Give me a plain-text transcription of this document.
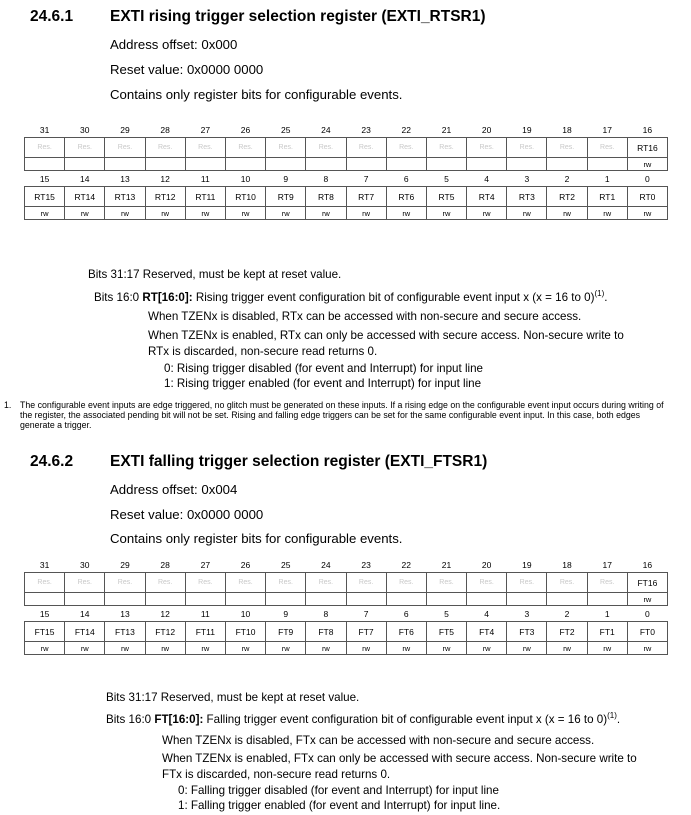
24.6.1 EXTI rising trigger selection register (EXTI_RTSR1)
Address offset: 0x000
Reset value: 0x0000 0000
Contains only register bits for configurable events.
31	30	29	28	27	26	25	24	23	22	21	20	19	18	17	16
Res.	Res.	Res.	Res.	Res.	Res.	Res.	Res.	Res.	Res.	Res.	Res.	Res.	Res.	Res.	RT16
															rw
15	14	13	12	11	10	9	8	7	6	5	4	3	2	1	0
RT15	RT14	RT13	RT12	RT11	RT10	RT9	RT8	RT7	RT6	RT5	RT4	RT3	RT2	RT1	RT0
rw	rw	rw	rw	rw	rw	rw	rw	rw	rw	rw	rw	rw	rw	rw	rw
Bits 31:17 Reserved, must be kept at reset value.
Bits 16:0 RT[16:0]: Rising trigger event configuration bit of configurable event input x (x = 16 to 0)$^{(1)}$.
When TZENx is disabled, RTx can be accessed with non-secure and secure access.
When TZENx is enabled, RTx can only be accessed with secure access. Non-secure write to
RTx is discarded, non-secure read returns 0.
0: Rising trigger disabled (for event and Interrupt) for input line
1: Rising trigger enabled (for event and Interrupt) for input line
1. The configurable event inputs are edge triggered, no glitch must be generated on these inputs. If a rising edge on the configurable event input occurs during writing of the register, the associated pending bit will not be set. Rising and falling edge triggers can be set for the same configurable event input. In this case, both edges generate a trigger.
24.6.2 EXTI falling trigger selection register (EXTI_FTSR1)
Address offset: 0x004
Reset value: 0x0000 0000
Contains only register bits for configurable events.
31	30	29	28	27	26	25	24	23	22	21	20	19	18	17	16
Res.	Res.	Res.	Res.	Res.	Res.	Res.	Res.	Res.	Res.	Res.	Res.	Res.	Res.	Res.	FT16
															rw
15	14	13	12	11	10	9	8	7	6	5	4	3	2	1	0
FT15	FT14	FT13	FT12	FT11	FT10	FT9	FT8	FT7	FT6	FT5	FT4	FT3	FT2	FT1	FT0
rw	rw	rw	rw	rw	rw	rw	rw	rw	rw	rw	rw	rw	rw	rw	rw
Bits 31:17 Reserved, must be kept at reset value.
Bits 16:0 FT[16:0]: Falling trigger event configuration bit of configurable event input x (x = 16 to 0)$^{(1)}$.
When TZENx is disabled, FTx can be accessed with non-secure and secure access.
When TZENx is enabled, FTx can only be accessed with secure access. Non-secure write to
FTx is discarded, non-secure read returns 0.
0: Falling trigger disabled (for event and Interrupt) for input line
1: Falling trigger enabled (for event and Interrupt) for input line.
